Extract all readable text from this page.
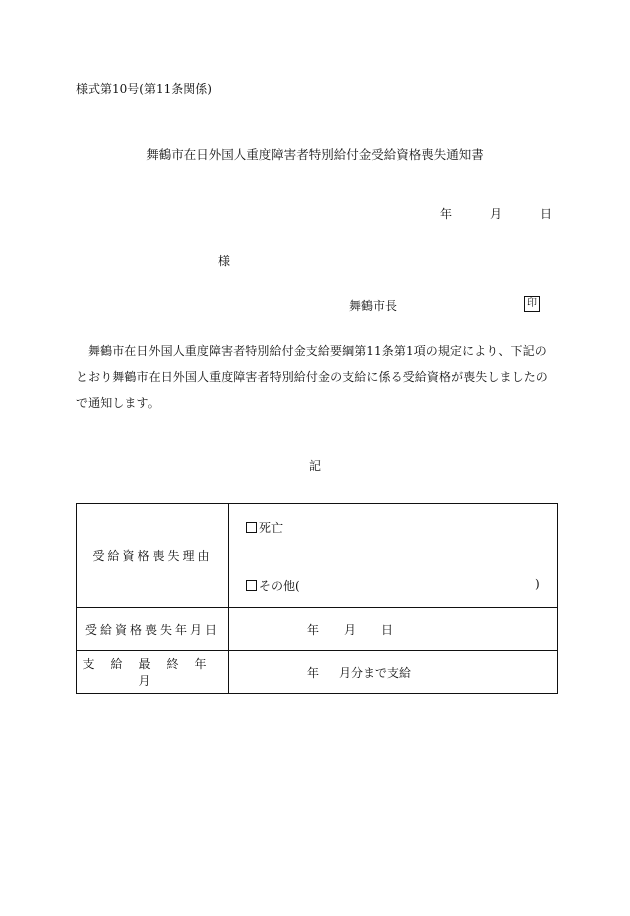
様式第10号(第11条関係)
舞鶴市在日外国人重度障害者特別給付金受給資格喪失通知書
年	月	日
様
舞鶴市長	印
舞鶴市在日外国人重度障害者特別給付金支給要綱第11条第1項の規定により、下記のとおり舞鶴市在日外国人重度障害者特別給付金の支給に係る受給資格が喪失しましたので通知します。
記
受給資格喪失理由	死亡
その他( )

受給資格喪失年月日	年 月 日
支給最終年月	年 月分まで支給
